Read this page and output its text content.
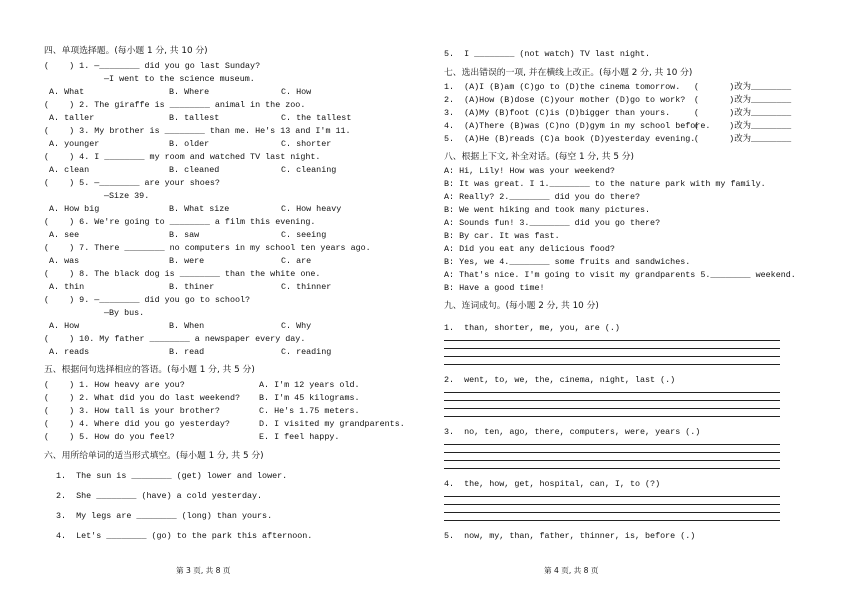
四、单项选择题。(每小题 1 分, 共 10 分)
(    ) 1. —________ did you go last Sunday?
—I went to the science museum.
A. What	B. Where	C. How
(    ) 2. The giraffe is ________ animal in the zoo.
A. taller	B. tallest	C. the tallest
(    ) 3. My brother is ________ than me. He's 13 and I'm 11.
A. younger	B. older	C. shorter
(    ) 4. I ________ my room and watched TV last night.
A. clean	B. cleaned	C. cleaning
(    ) 5. —________ are your shoes?
—Size 39.
A. How big	B. What size	C. How heavy
(    ) 6. We're going to ________ a film this evening.
A. see	B. saw	C. seeing
(    ) 7. There ________ no computers in my school ten years ago.
A. was	B. were	C. are
(    ) 8. The black dog is ________ than the white one.
A. thin	B. thiner	C. thinner
(    ) 9. —________ did you go to school?
—By bus.
A. How	B. When	C. Why
(    ) 10. My father ________ a newspaper every day.
A. reads	B. read	C. reading
五、根据问句选择相应的答语。(每小题 1 分, 共 5 分)
(    ) 1. How heavy are you?	A. I'm 12 years old.
(    ) 2. What did you do last weekend? B. I'm 45 kilograms.
(    ) 3. How tall is your brother?	C. He's 1.75 meters.
(    ) 4. Where did you go yesterday?	D. I visited my grandparents.
(    ) 5. How do you feel?	E. I feel happy.
六、用所给单词的适当形式填空。(每小题 1 分, 共 5 分)
1.  The sun is ________ (get) lower and lower.
2.  She ________ (have) a cold yesterday.
3.  My legs are ________ (long) than yours.
4.  Let's ________ (go) to the park this afternoon.
第 3 页, 共 8 页
5.  I ________ (not watch) TV last night.
七、选出错误的一项, 并在横线上改正。(每小题 2 分, 共 10 分)
1.  (A)I (B)am (C)go to (D)the cinema tomorrow. (      )改为________
2.  (A)How (B)dose (C)your mother (D)go to work? (      )改为________
3.  (A)My (B)foot (C)is (D)bigger than yours.	(      )改为________
4.  (A)There (B)was (C)no (D)gym in my school before.
(      )改为________
5.  (A)He (B)reads (C)a book (D)yesterday evening.
(      )改为________
八、根据上下文, 补全对话。(每空 1 分, 共 5 分)
A: Hi, Lily! How was your weekend?
B: It was great. I 1.________ to the nature park with my family.
A: Really? 2.________ did you do there?
B: We went hiking and took many pictures.
A: Sounds fun! 3.________ did you go there?
B: By car. It was fast.
A: Did you eat any delicious food?
B: Yes, we 4.________ some fruits and sandwiches.
A: That's nice. I'm going to visit my grandparents 5.________ weekend.
B: Have a good time!
九、连词成句。(每小题 2 分, 共 10 分)
1.  than, shorter, me, you, are (.)
2.  went, to, we, the, cinema, night, last (.)
3.  no, ten, ago, there, computers, were, years (.)
4.  the, how, get, hospital, can, I, to (?)
5.  now, my, than, father, thinner, is, before (.)
第 4 页, 共 8 页
